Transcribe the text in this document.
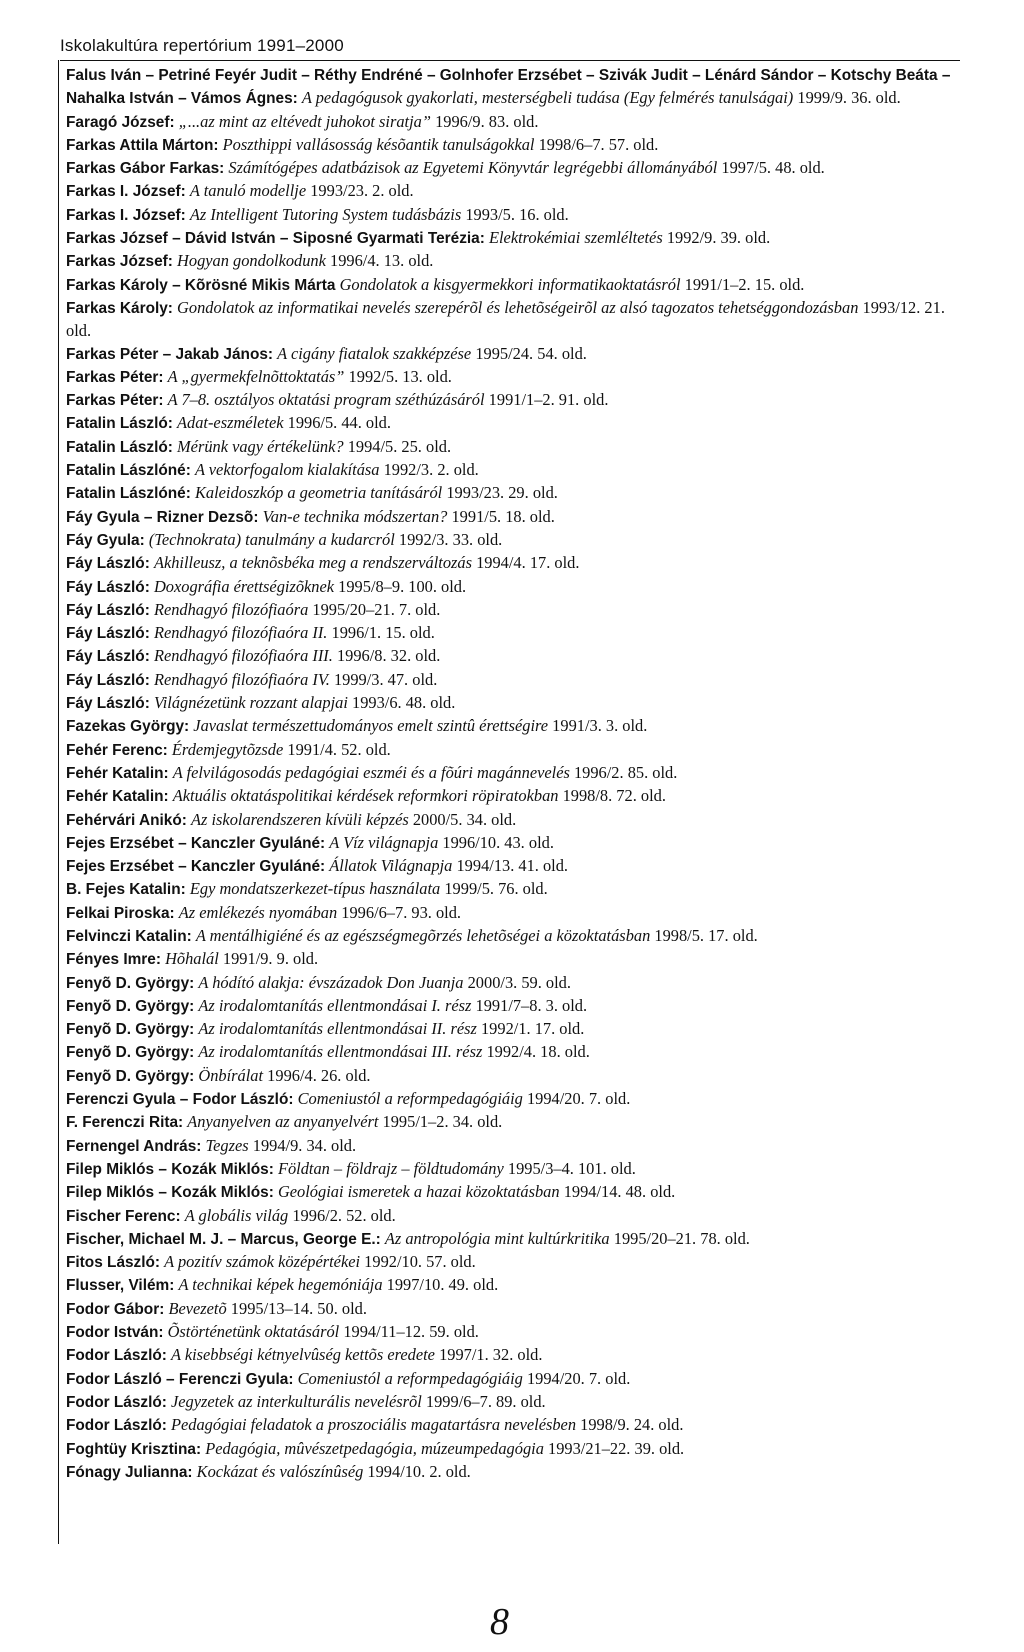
Iskolakultúra repertórium 1991–2000
Falus Iván – Petriné Feyér Judit – Réthy Endréné – Golnhofer Erzsébet – Szivák Judit – Lénárd Sándor – Kotschy Beáta – Nahalka István – Vámos Ágnes: A pedagógusok gyakorlati, mesterségbeli tudása (Egy felmérés tanulságai) 1999/9. 36. old.
Faragó József: „...az mint az eltévedt juhokot siratja” 1996/9. 83. old.
Farkas Attila Márton: Poszthippi vallásosság késõantik tanulságokkal 1998/6–7. 57. old.
Farkas Gábor Farkas: Számítógépes adatbázisok az Egyetemi Könyvtár legrégebbi állományából 1997/5. 48. old.
Farkas I. József: A tanuló modellje 1993/23. 2. old.
Farkas I. József: Az Intelligent Tutoring System tudásbázis 1993/5. 16. old.
Farkas József – Dávid István – Siposné Gyarmati Terézia: Elektrokémiai szemléltetés 1992/9. 39. old.
Farkas József: Hogyan gondolkodunk 1996/4. 13. old.
Farkas Károly – Kõrösné Mikis Márta Gondolatok a kisgyermekkori informatikaoktatásról 1991/1–2. 15. old.
Farkas Károly: Gondolatok az informatikai nevelés szerepérõl és lehetõségeirõl az alsó tagozatos tehetséggondozásban 1993/12. 21. old.
Farkas Péter – Jakab János: A cigány fiatalok szakképzése 1995/24. 54. old.
Farkas Péter: A „gyermekfelnõttoktatás” 1992/5. 13. old.
Farkas Péter: A 7–8. osztályos oktatási program széthúzásáról 1991/1–2. 91. old.
Fatalin László: Adat-eszméletek 1996/5. 44. old.
Fatalin László: Mérünk vagy értékelünk? 1994/5. 25. old.
Fatalin Lászlóné: A vektorfogalom kialakítása 1992/3. 2. old.
Fatalin Lászlóné: Kaleidoszkóp a geometria tanításáról 1993/23. 29. old.
Fáy Gyula – Rizner Dezsõ: Van-e technika módszertan? 1991/5. 18. old.
Fáy Gyula: (Technokrata) tanulmány a kudarcról 1992/3. 33. old.
Fáy László: Akhilleusz, a teknõsbéka meg a rendszerváltozás 1994/4. 17. old.
Fáy László: Doxográfia érettségizõknek 1995/8–9. 100. old.
Fáy László: Rendhagyó filozófiaóra 1995/20–21. 7. old.
Fáy László: Rendhagyó filozófiaóra II. 1996/1. 15. old.
Fáy László: Rendhagyó filozófiaóra III. 1996/8. 32. old.
Fáy László: Rendhagyó filozófiaóra IV. 1999/3. 47. old.
Fáy László: Világnézetünk rozzant alapjai 1993/6. 48. old.
Fazekas György: Javaslat természettudományos emelt szintû érettségire 1991/3. 3. old.
Fehér Ferenc: Érdemjegytõzsde 1991/4. 52. old.
Fehér Katalin: A felvilágosodás pedagógiai eszméi és a fõúri magánnevelés 1996/2. 85. old.
Fehér Katalin: Aktuális oktatáspolitikai kérdések reformkori röpiratokban 1998/8. 72. old.
Fehérvári Anikó: Az iskolarendszeren kívüli képzés 2000/5. 34. old.
Fejes Erzsébet – Kanczler Gyuláné: A Víz világnapja 1996/10. 43. old.
Fejes Erzsébet – Kanczler Gyuláné: Állatok Világnapja 1994/13. 41. old.
B. Fejes Katalin: Egy mondatszerkezet-típus használata 1999/5. 76. old.
Felkai Piroska: Az emlékezés nyomában 1996/6–7. 93. old.
Felvinczi Katalin: A mentálhigiéné és az egészségmegõrzés lehetõségei a közoktatásban 1998/5. 17. old.
Fényes Imre: Hõhalál 1991/9. 9. old.
Fenyõ D. György: A hódító alakja: évszázadok Don Juanja 2000/3. 59. old.
Fenyõ D. György: Az irodalomtanítás ellentmondásai I. rész 1991/7–8. 3. old.
Fenyõ D. György: Az irodalomtanítás ellentmondásai II. rész 1992/1. 17. old.
Fenyõ D. György: Az irodalomtanítás ellentmondásai III. rész 1992/4. 18. old.
Fenyõ D. György: Önbírálat 1996/4. 26. old.
Ferenczi Gyula – Fodor László: Comeniustól a reformpedagógiáig 1994/20. 7. old.
F. Ferenczi Rita: Anyanyelven az anyanyelvért 1995/1–2. 34. old.
Fernengel András: Tegzes 1994/9. 34. old.
Filep Miklós – Kozák Miklós: Földtan – földrajz – földtudomány 1995/3–4. 101. old.
Filep Miklós – Kozák Miklós: Geológiai ismeretek a hazai közoktatásban 1994/14. 48. old.
Fischer Ferenc: A globális világ 1996/2. 52. old.
Fischer, Michael M. J. – Marcus, George E.: Az antropológia mint kultúrkritika 1995/20–21. 78. old.
Fitos László: A pozitív számok középértékei 1992/10. 57. old.
Flusser, Vilém: A technikai képek hegemóniája 1997/10. 49. old.
Fodor Gábor: Bevezetõ 1995/13–14. 50. old.
Fodor István: Õstörténetünk oktatásáról 1994/11–12. 59. old.
Fodor László: A kisebbségi kétnyelvûség kettõs eredete 1997/1. 32. old.
Fodor László – Ferenczi Gyula: Comeniustól a reformpedagógiáig 1994/20. 7. old.
Fodor László: Jegyzetek az interkulturális nevelésrõl 1999/6–7. 89. old.
Fodor László: Pedagógiai feladatok a proszociális magatartásra nevelésben 1998/9. 24. old.
Foghtüy Krisztina: Pedagógia, mûvészetpedagógia, múzeumpedagógia 1993/21–22. 39. old.
Fónagy Julianna: Kockázat és valószínûség 1994/10. 2. old.
8
